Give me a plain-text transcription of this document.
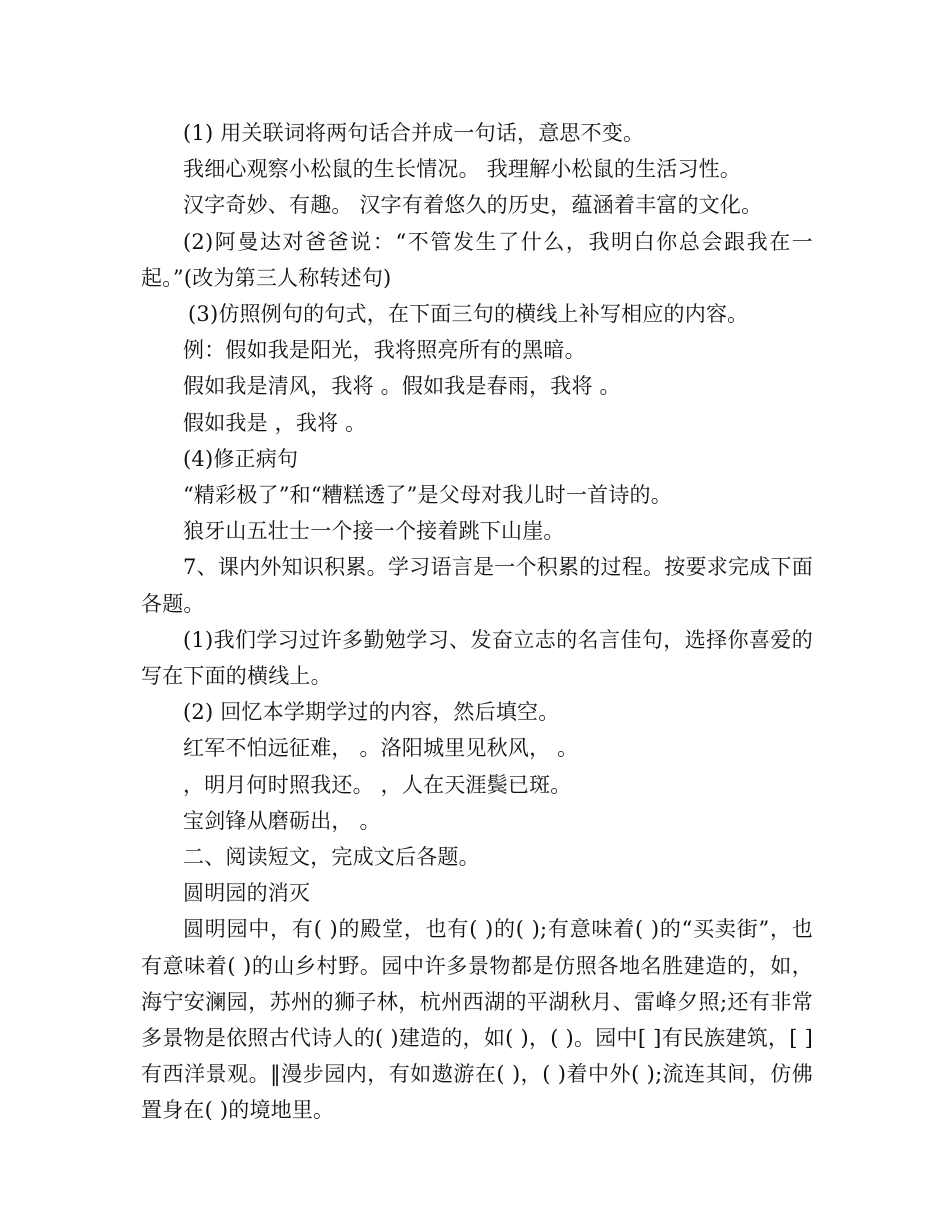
(1) 用关联词将两句话合并成一句话，意思不变。

我细心观察小松鼠的生长情况。 我理解小松鼠的生活习性。

汉字奇妙、有趣。 汉字有着悠久的历史，蕴涵着丰富的文化。

(2)阿曼达对爸爸说：“不管发生了什么，我明白你总会跟我在一起。”(改为第三人称转述句)

(3)仿照例句的句式，在下面三句的横线上补写相应的内容。

例：假如我是阳光，我将照亮所有的黑暗。

假如我是清风，我将 。假如我是春雨，我将 。

假如我是 ，我将 。

(4)修正病句

“精彩极了”和“糟糕透了”是父母对我儿时一首诗的。

狼牙山五壮士一个接一个接着跳下山崖。

7、课内外知识积累。学习语言是一个积累的过程。按要求完成下面各题。

(1)我们学习过许多勤勉学习、发奋立志的名言佳句，选择你喜爱的写在下面的横线上。

(2) 回忆本学期学过的内容，然后填空。

红军不怕远征难， 。洛阳城里见秋风， 。

，明月何时照我还。 ，人在天涯鬓已斑。

宝剑锋从磨砺出， 。

二、阅读短文，完成文后各题。

圆明园的消灭

圆明园中，有( )的殿堂，也有( )的( );有意味着( )的“买卖街”，也有意味着( )的山乡村野。园中许多景物都是仿照各地名胜建造的，如，海宁安澜园，苏州的狮子林，杭州西湖的平湖秋月、雷峰夕照;还有非常多景物是依照古代诗人的( )建造的，如( )，( )。园中[ ]有民族建筑，[ ]有西洋景观。‖漫步园内，有如遨游在( )，( )着中外( );流连其间，仿佛置身在( )的境地里。
